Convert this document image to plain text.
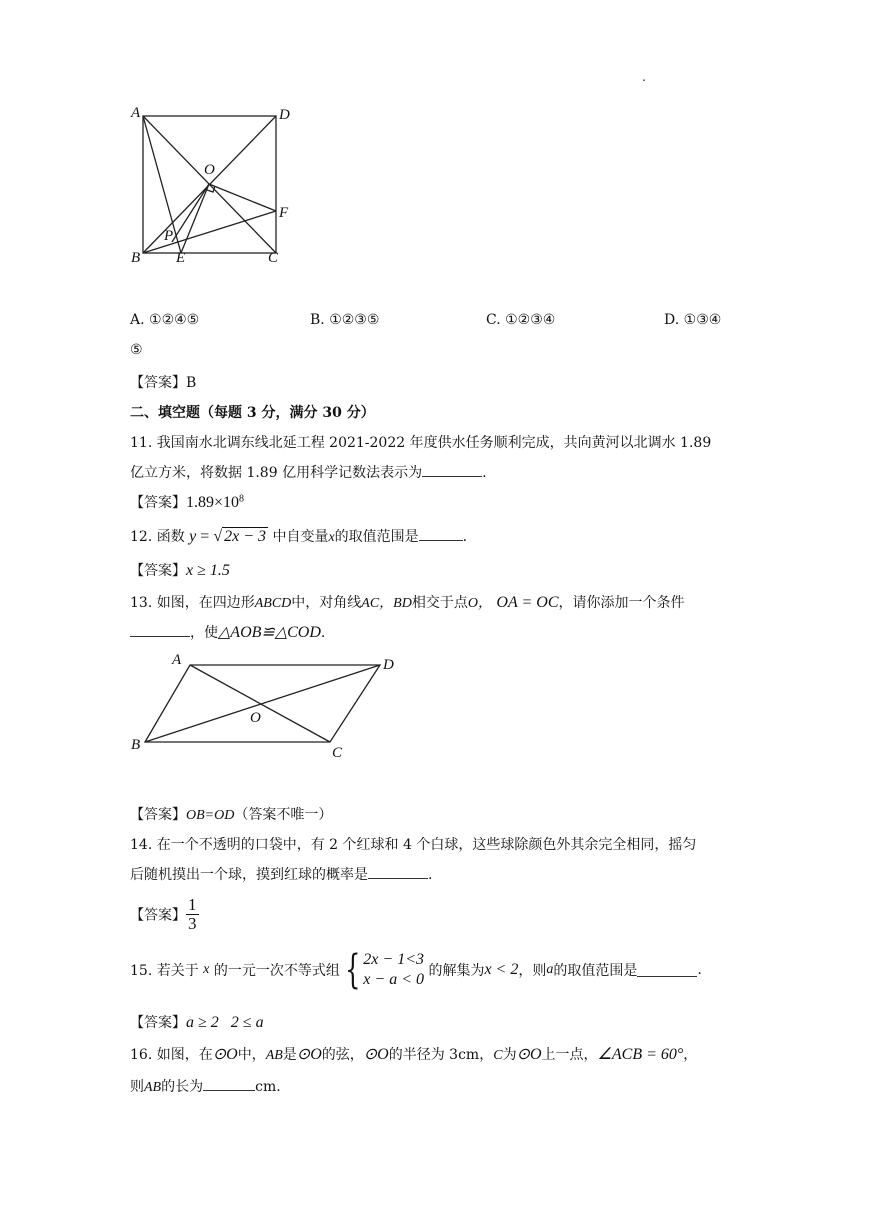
.
A	D
O
F
P
B E	C
A. ①②④⑤	B. ①②③⑤	C. ①②③④	D. ①③④
⑤
【答案】B
二、填空题（每题 3 分，满分 30 分）
11. 我国南水北调东线北延工程 2021-2022 年度供水任务顺利完成，共向黄河以北调水 1.89
亿立方米，将数据 1.89 亿用科学记数法表示为	.
【答案】$1.89\times 10^8$
12. 函数 y = √ 2x − 3 中自变量x的取值范围是	.
【答案】x ≥ 1.5
13. 如图，在四边形ABCD中，对角线AC，BD相交于点O， OA = OC，请你添加一个条件
，使△AOB≌△COD.
A	D
O
B	C
【答案】OB=OD（答案不唯一）
14. 在一个不透明的口袋中，有 2 个红球和 4 个白球，这些球除颜色外其余完全相同，摇匀
后随机摸出一个球，摸到红球的概率是	.
【答案】 $\frac{1}{3}$
15. 若关于 x 的一元一次不等式组 { 2x − 1<3
x − a < 0 的解集为x < 2，则a的取值范围是	.
【答案】a ≥ 2   2 ≤ a
16. 如图，在⊙O中，AB是⊙O的弦，⊙O的半径为 3cm，C为⊙O上一点，∠ACB = 60°，
则AB的长为	cm.
